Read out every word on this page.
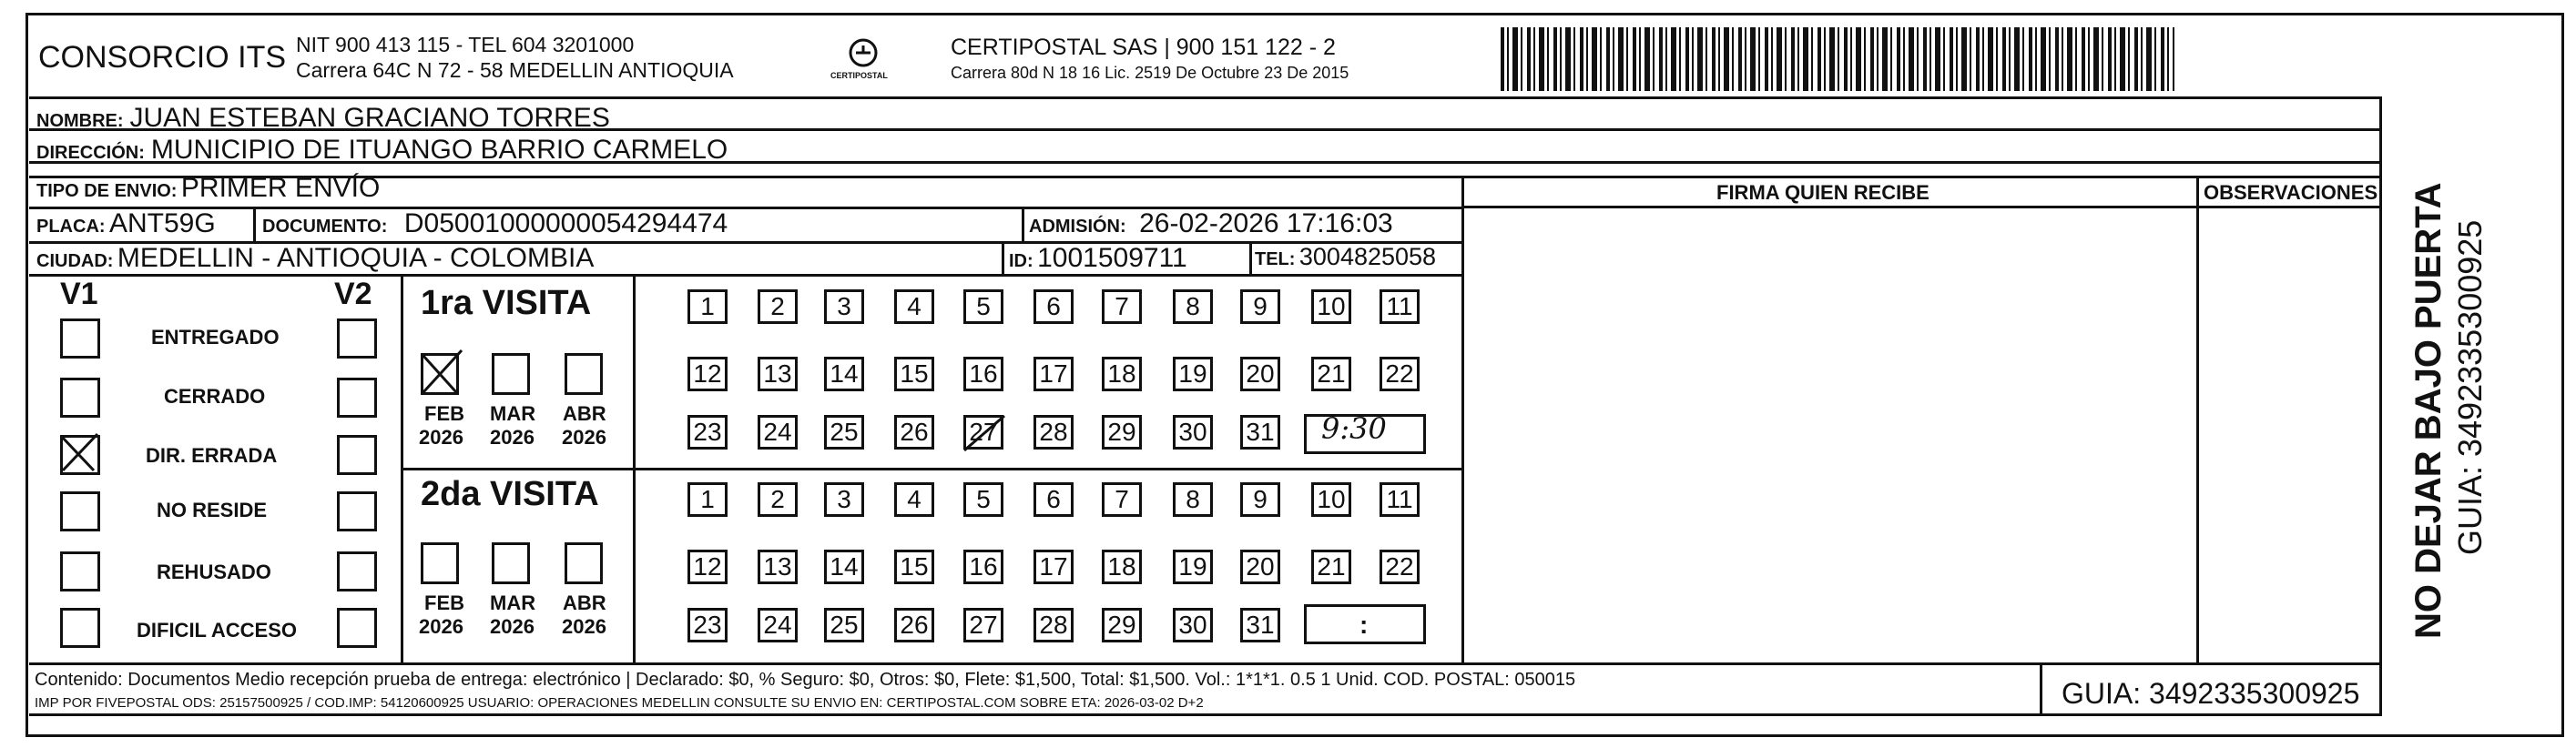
CONSORCIO ITS NIT 900 413 115 - TEL 604 3201000
Carrera 64C N 72 - 58 MEDELLIN ANTIOQUIA	CERTIPOSTAL
CERTIPOSTAL SAS | 900 151 122 - 2
Carrera 80d N 18 16 Lic. 2519 De Octubre 23 De 2015
NOMBRE: JUAN ESTEBAN GRACIANO TORRES
DIRECCIÓN: MUNICIPIO DE ITUANGO BARRIO CARMELO
TIPO DE ENVIO: PRIMER ENVÍO	FIRMA QUIEN RECIBE	OBSERVACIONES
PLACA: ANT59G	DOCUMENTO: D05001000000054294474	ADMISIÓN: 26-02-2026 17:16:03
CIUDAD: MEDELLIN - ANTIOQUIA - COLOMBIA	ID: 1001509711	TEL: 3004825058
V1	V2
ENTREGADO
CERRADO
DIR. ERRADA
NO RESIDE
REHUSADO
DIFICIL ACCESO
1ra VISITA
FEB MAR ABR
2026 2026 2026
1	2	3	4	5	6	7	8	9	10 11
12 13 14 15 16 17 18 19 20 21 22
23 24 25 26 27 28 29 30 31 9:30
2da VISITA
FEB MAR ABR
2026 2026 2026
1	2	3	4	5	6	7	8	9	10 11
12 13 14 15 16 17 18 19 20 21 22
23 24 25 26 27 28 29 30 31	:
Contenido: Documentos Medio recepción prueba de entrega: electrónico | Declarado: $0, % Seguro: $0, Otros: $0, Flete: $1,500, Total: $1,500. Vol.: 1*1*1. 0.5 1 Unid. COD. POSTAL: 050015
IMP POR FIVEPOSTAL ODS: 25157500925 / COD.IMP: 54120600925 USUARIO: OPERACIONES MEDELLIN CONSULTE SU ENVIO EN: CERTIPOSTAL.COM SOBRE ETA: 2026-03-02 D+2	GUIA: 3492335300925
NO DEJAR BAJO PUERTA GUIA: 3492335300925
